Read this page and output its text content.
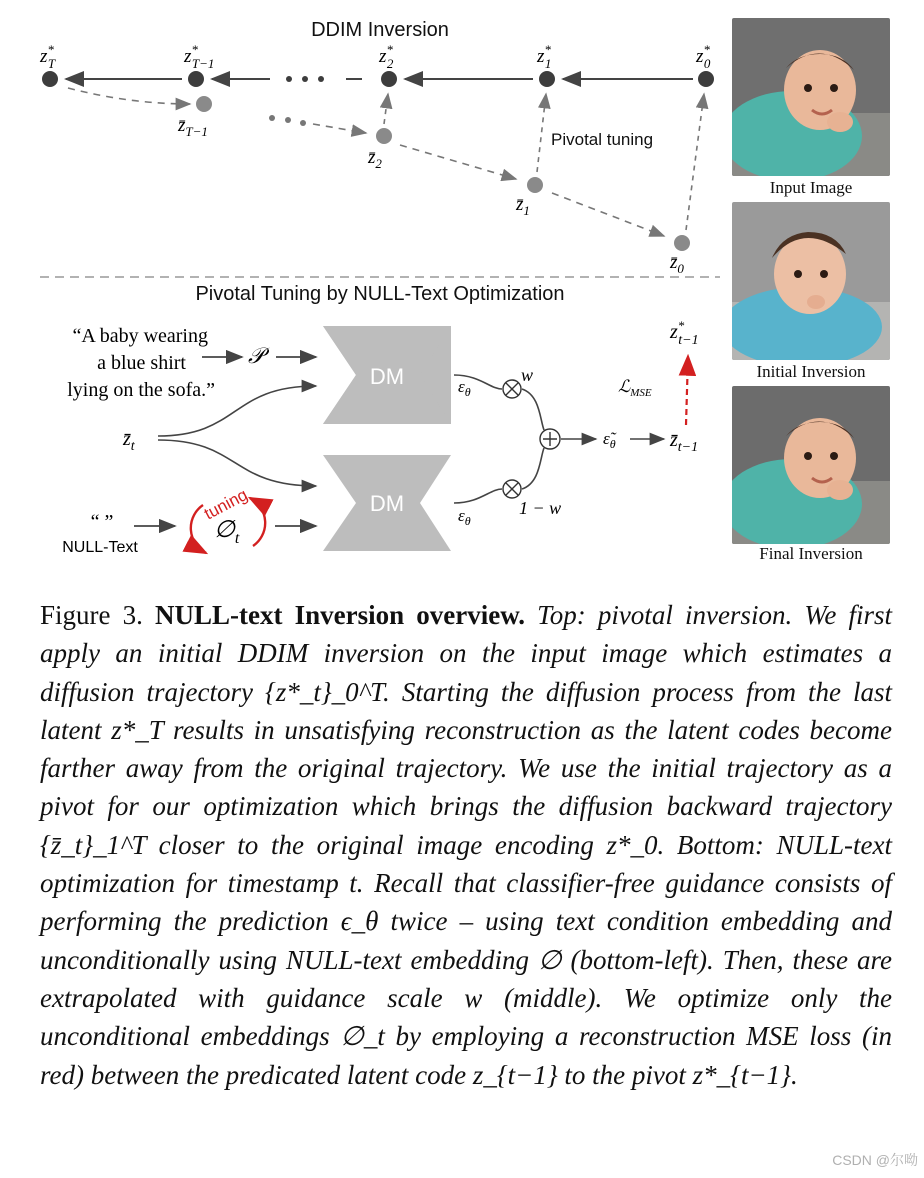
DDIM Inversion
z* T	z* T−1	z* 2	z* 1	z* 0
$z̄_{T-1}$
$z̄_2$
$z̄_1$
$z̄_0$
Pivotal tuning
Pivotal Tuning by NULL-Text Optimization
“A baby wearing
a blue shirt
lying on the sofa.”
𝒫
$z̄_t$
DM
DM
$\varepsilon_\theta$
$\varepsilon_\theta$
w
1 − w
$\varepsiloñ_\theta$	$z̄_{t-1}$
ℒ$_{MSE}$
z* t−1
“ ”
NULL-Text
tuning
$\emptyset_t$
Input Image
Initial Inversion
Final Inversion
Figure 3. NULL-text Inversion overview. Top: pivotal inversion. We first apply an initial DDIM inversion on the input image which estimates a diffusion trajectory {z*_t}_0^T. Starting the diffusion process from the last latent z*_T results in unsatisfying reconstruction as the latent codes become farther away from the original trajectory. We use the initial trajectory as a pivot for our optimization which brings the diffusion backward trajectory {z̄_t}_1^T closer to the original image encoding z*_0. Bottom: NULL-text optimization for timestamp t. Recall that classifier-free guidance consists of performing the prediction ϵ_θ twice – using text condition embedding and unconditionally using NULL-text embedding ∅ (bottom-left). Then, these are extrapolated with guidance scale w (middle). We optimize only the unconditional embeddings ∅_t by employing a reconstruction MSE loss (in red) between the predicated latent code z_{t−1} to the pivot z*_{t−1}.
CSDN @尔呦
